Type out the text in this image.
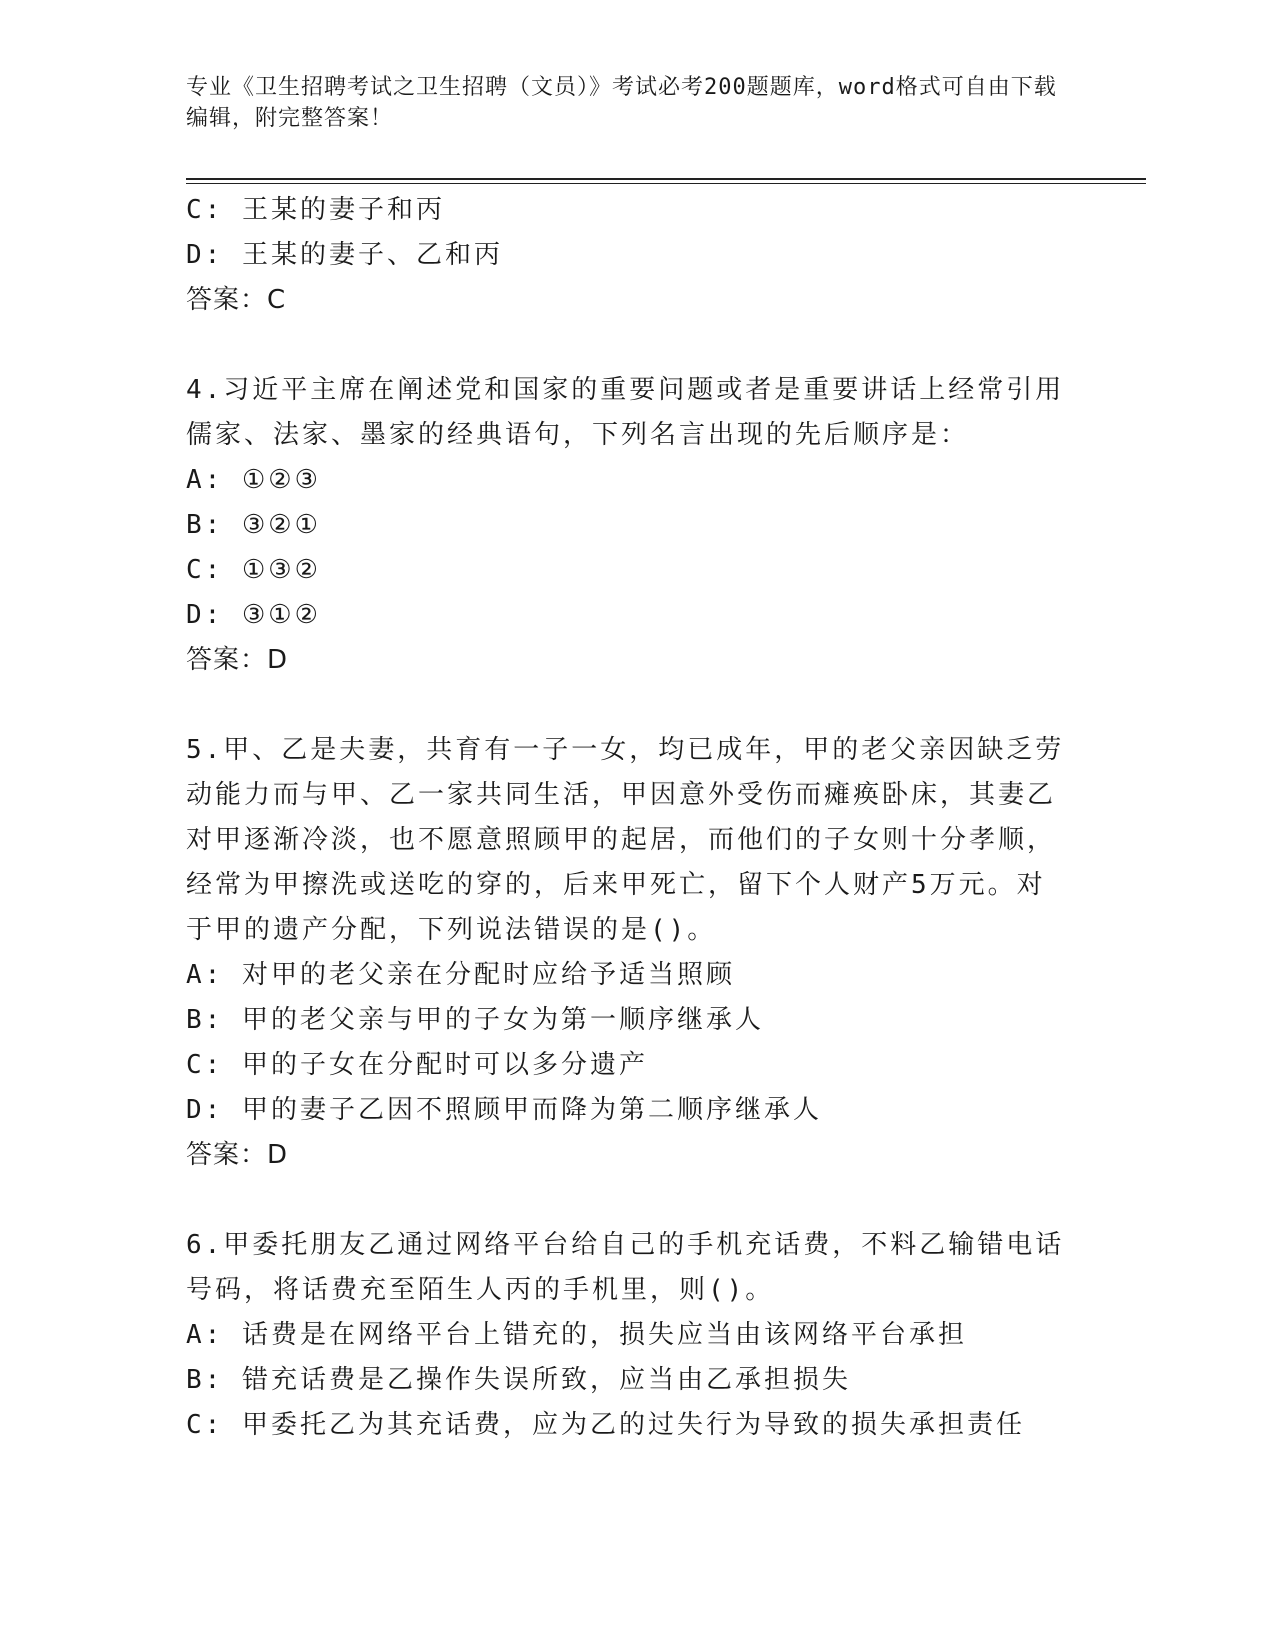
专业《卫生招聘考试之卫生招聘（文员）》考试必考200题题库，word格式可自由下载编辑，附完整答案！
C: 王某的妻子和丙
D: 王某的妻子、乙和丙
答案：C
4.习近平主席在阐述党和国家的重要问题或者是重要讲话上经常引用
儒家、法家、墨家的经典语句，下列名言出现的先后顺序是：
A: ①②③
B: ③②①
C: ①③②
D: ③①②
答案：D
5.甲、乙是夫妻，共育有一子一女，均已成年，甲的老父亲因缺乏劳
动能力而与甲、乙一家共同生活，甲因意外受伤而瘫痪卧床，其妻乙
对甲逐渐冷淡，也不愿意照顾甲的起居，而他们的子女则十分孝顺，
经常为甲擦洗或送吃的穿的，后来甲死亡，留下个人财产5万元。对
于甲的遗产分配，下列说法错误的是()。
A: 对甲的老父亲在分配时应给予适当照顾
B: 甲的老父亲与甲的子女为第一顺序继承人
C: 甲的子女在分配时可以多分遗产
D: 甲的妻子乙因不照顾甲而降为第二顺序继承人
答案：D
6.甲委托朋友乙通过网络平台给自己的手机充话费，不料乙输错电话
号码，将话费充至陌生人丙的手机里，则()。
A: 话费是在网络平台上错充的，损失应当由该网络平台承担
B: 错充话费是乙操作失误所致，应当由乙承担损失
C: 甲委托乙为其充话费，应为乙的过失行为导致的损失承担责任
